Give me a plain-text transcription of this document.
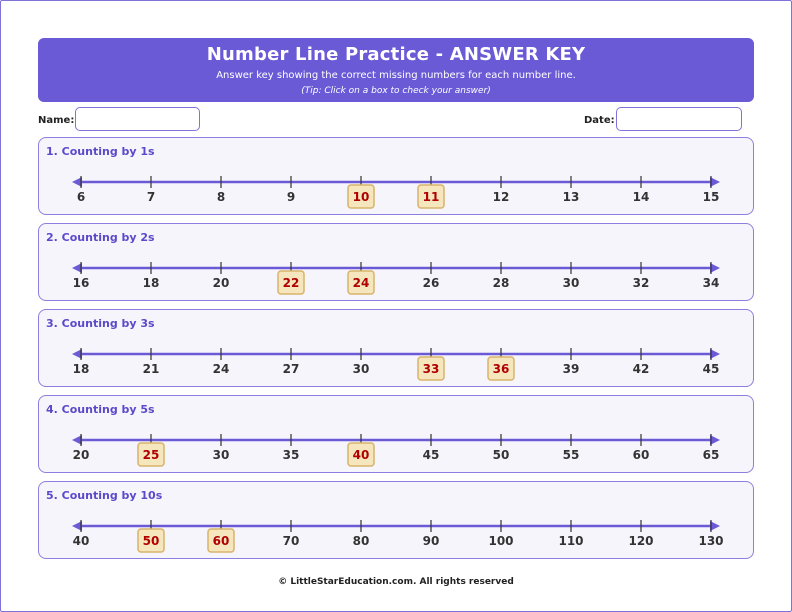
Number Line Practice - ANSWER KEY
Answer key showing the correct missing numbers for each number line.
(Tip: Click on a box to check your answer)
Name:	Date:
1. Counting by 1s
6	7	8	9	10	11	12	13	14	15
2. Counting by 2s
16	18	20	22	24	26	28	30	32	34
3. Counting by 3s
18	21	24	27	30	33	36	39	42	45
4. Counting by 5s
20	25	30	35	40	45	50	55	60	65
5. Counting by 10s
40	50	60	70	80	90	100	110	120	130
© LittleStarEducation.com. All rights reserved
